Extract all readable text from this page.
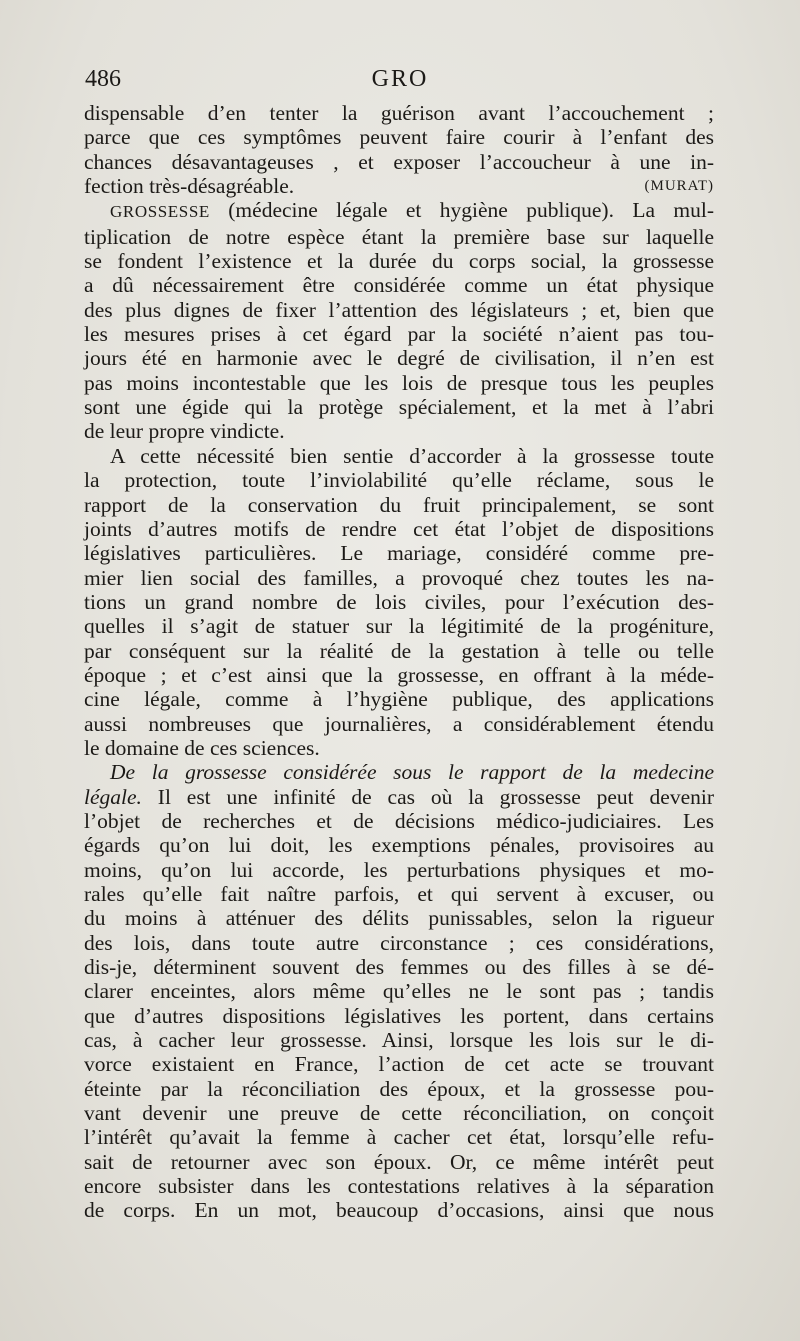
486	GRO
dispensable d’en tenter la guérison avant l’accouchement ;
parce que ces symptômes peuvent faire courir à l’enfant des
chances désavantageuses , et exposer l’accoucheur à une in-
fection très-désagréable.	(MURAT)
GROSSESSE (médecine légale et hygiène publique). La mul-
tiplication de notre espèce étant la première base sur laquelle
se fondent l’existence et la durée du corps social, la grossesse
a dû nécessairement être considérée comme un état physique
des plus dignes de fixer l’attention des législateurs ; et, bien que
les mesures prises à cet égard par la société n’aient pas tou-
jours été en harmonie avec le degré de civilisation, il n’en est
pas moins incontestable que les lois de presque tous les peuples
sont une égide qui la protège spécialement, et la met à l’abri
de leur propre vindicte.
A cette nécessité bien sentie d’accorder à la grossesse toute
la protection, toute l’inviolabilité qu’elle réclame, sous le
rapport de la conservation du fruit principalement, se sont
joints d’autres motifs de rendre cet état l’objet de dispositions
législatives particulières. Le mariage, considéré comme pre-
mier lien social des familles, a provoqué chez toutes les na-
tions un grand nombre de lois civiles, pour l’exécution des-
quelles il s’agit de statuer sur la légitimité de la progéniture,
par conséquent sur la réalité de la gestation à telle ou telle
époque ; et c’est ainsi que la grossesse, en offrant à la méde-
cine légale, comme à l’hygiène publique, des applications
aussi nombreuses que journalières, a considérablement étendu
le domaine de ces sciences.
De la grossesse considérée sous le rapport de la medecine
légale. Il est une infinité de cas où la grossesse peut devenir
l’objet de recherches et de décisions médico-judiciaires. Les
égards qu’on lui doit, les exemptions pénales, provisoires au
moins, qu’on lui accorde, les perturbations physiques et mo-
rales qu’elle fait naître parfois, et qui servent à excuser, ou
du moins à atténuer des délits punissables, selon la rigueur
des lois, dans toute autre circonstance ; ces considérations,
dis-je, déterminent souvent des femmes ou des filles à se dé-
clarer enceintes, alors même qu’elles ne le sont pas ; tandis
que d’autres dispositions législatives les portent, dans certains
cas, à cacher leur grossesse. Ainsi, lorsque les lois sur le di-
vorce existaient en France, l’action de cet acte se trouvant
éteinte par la réconciliation des époux, et la grossesse pou-
vant devenir une preuve de cette réconciliation, on conçoit
l’intérêt qu’avait la femme à cacher cet état, lorsqu’elle refu-
sait de retourner avec son époux. Or, ce même intérêt peut
encore subsister dans les contestations relatives à la séparation
de corps. En un mot, beaucoup d’occasions, ainsi que nous
